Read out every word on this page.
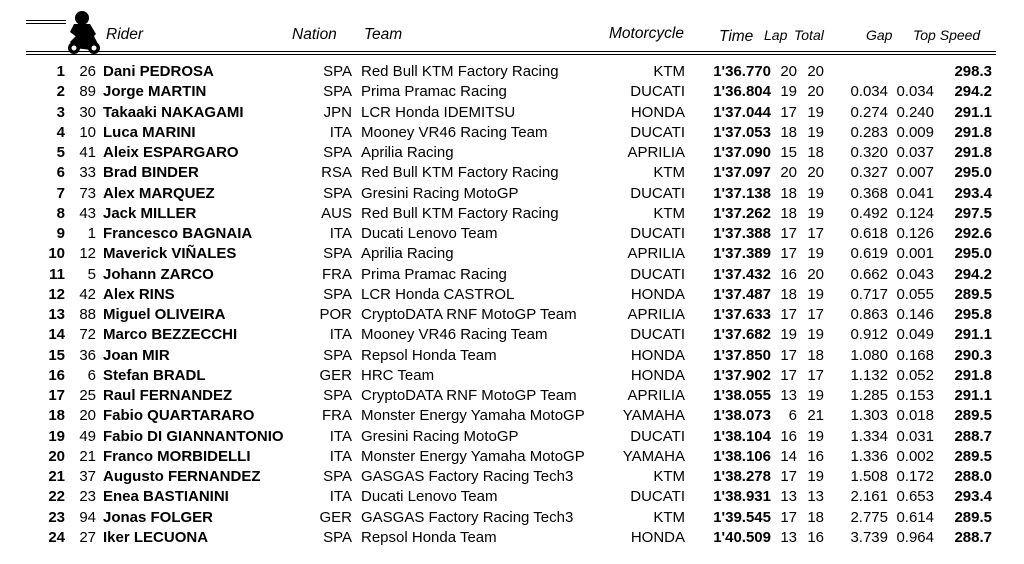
Rider	Nation Team	Motorcycle Time Lap Total	Gap Top Speed
1 26 Dani PEDROSA	SPA Red Bull KTM Factory Racing	KTM	1'36.770 20 20	298.3
2 89 Jorge MARTIN	SPA Prima Pramac Racing	DUCATI	1'36.804 19 20	0.034 0.034	294.2
3 30 Takaaki NAKAGAMI	JPN LCR Honda IDEMITSU	HONDA	1'37.044 17 19	0.274 0.240	291.1
4 10 Luca MARINI	ITA Mooney VR46 Racing Team	DUCATI	1'37.053 18 19	0.283 0.009	291.8
5 41 Aleix ESPARGARO	SPA Aprilia Racing	APRILIA	1'37.090 15 18	0.320 0.037	291.8
6 33 Brad BINDER	RSA Red Bull KTM Factory Racing	KTM	1'37.097 20 20	0.327 0.007	295.0
7 73 Alex MARQUEZ	SPA Gresini Racing MotoGP	DUCATI	1'37.138 18 19	0.368 0.041	293.4
8 43 Jack MILLER	AUS Red Bull KTM Factory Racing	KTM	1'37.262 18 19	0.492 0.124	297.5
9	1 Francesco BAGNAIA	ITA Ducati Lenovo Team	DUCATI	1'37.388 17 17	0.618 0.126	292.6
10 12 Maverick VIÑALES	SPA Aprilia Racing	APRILIA	1'37.389 17 19	0.619 0.001	295.0
11	5 Johann ZARCO	FRA Prima Pramac Racing	DUCATI	1'37.432 16 20	0.662 0.043	294.2
12 42 Alex RINS	SPA LCR Honda CASTROL	HONDA	1'37.487 18 19	0.717 0.055	289.5
13 88 Miguel OLIVEIRA	POR CryptoDATA RNF MotoGP Team	APRILIA	1'37.633 17 17	0.863 0.146	295.8
14 72 Marco BEZZECCHI	ITA Mooney VR46 Racing Team	DUCATI	1'37.682 19 19	0.912 0.049	291.1
15 36 Joan MIR	SPA Repsol Honda Team	HONDA	1'37.850 17 18	1.080 0.168	290.3
16	6 Stefan BRADL	GER HRC Team	HONDA	1'37.902 17 17	1.132 0.052	291.8
17 25 Raul FERNANDEZ	SPA CryptoDATA RNF MotoGP Team	APRILIA	1'38.055 13 19	1.285 0.153	291.1
18 20 Fabio QUARTARARO	FRA Monster Energy Yamaha MotoGP	YAMAHA	1'38.073	6 21	1.303 0.018	289.5
19 49 Fabio DI GIANNANTONIO	ITA Gresini Racing MotoGP	DUCATI	1'38.104 16 19	1.334 0.031	288.7
20 21 Franco MORBIDELLI	ITA Monster Energy Yamaha MotoGP	YAMAHA	1'38.106 14 16	1.336 0.002	289.5
21 37 Augusto FERNANDEZ	SPA GASGAS Factory Racing Tech3	KTM	1'38.278 17 19	1.508 0.172	288.0
22 23 Enea BASTIANINI	ITA Ducati Lenovo Team	DUCATI	1'38.931 13 13	2.161 0.653	293.4
23 94 Jonas FOLGER	GER GASGAS Factory Racing Tech3	KTM	1'39.545 17 18	2.775 0.614	289.5
24 27 Iker LECUONA	SPA Repsol Honda Team	HONDA	1'40.509 13 16	3.739 0.964	288.7
